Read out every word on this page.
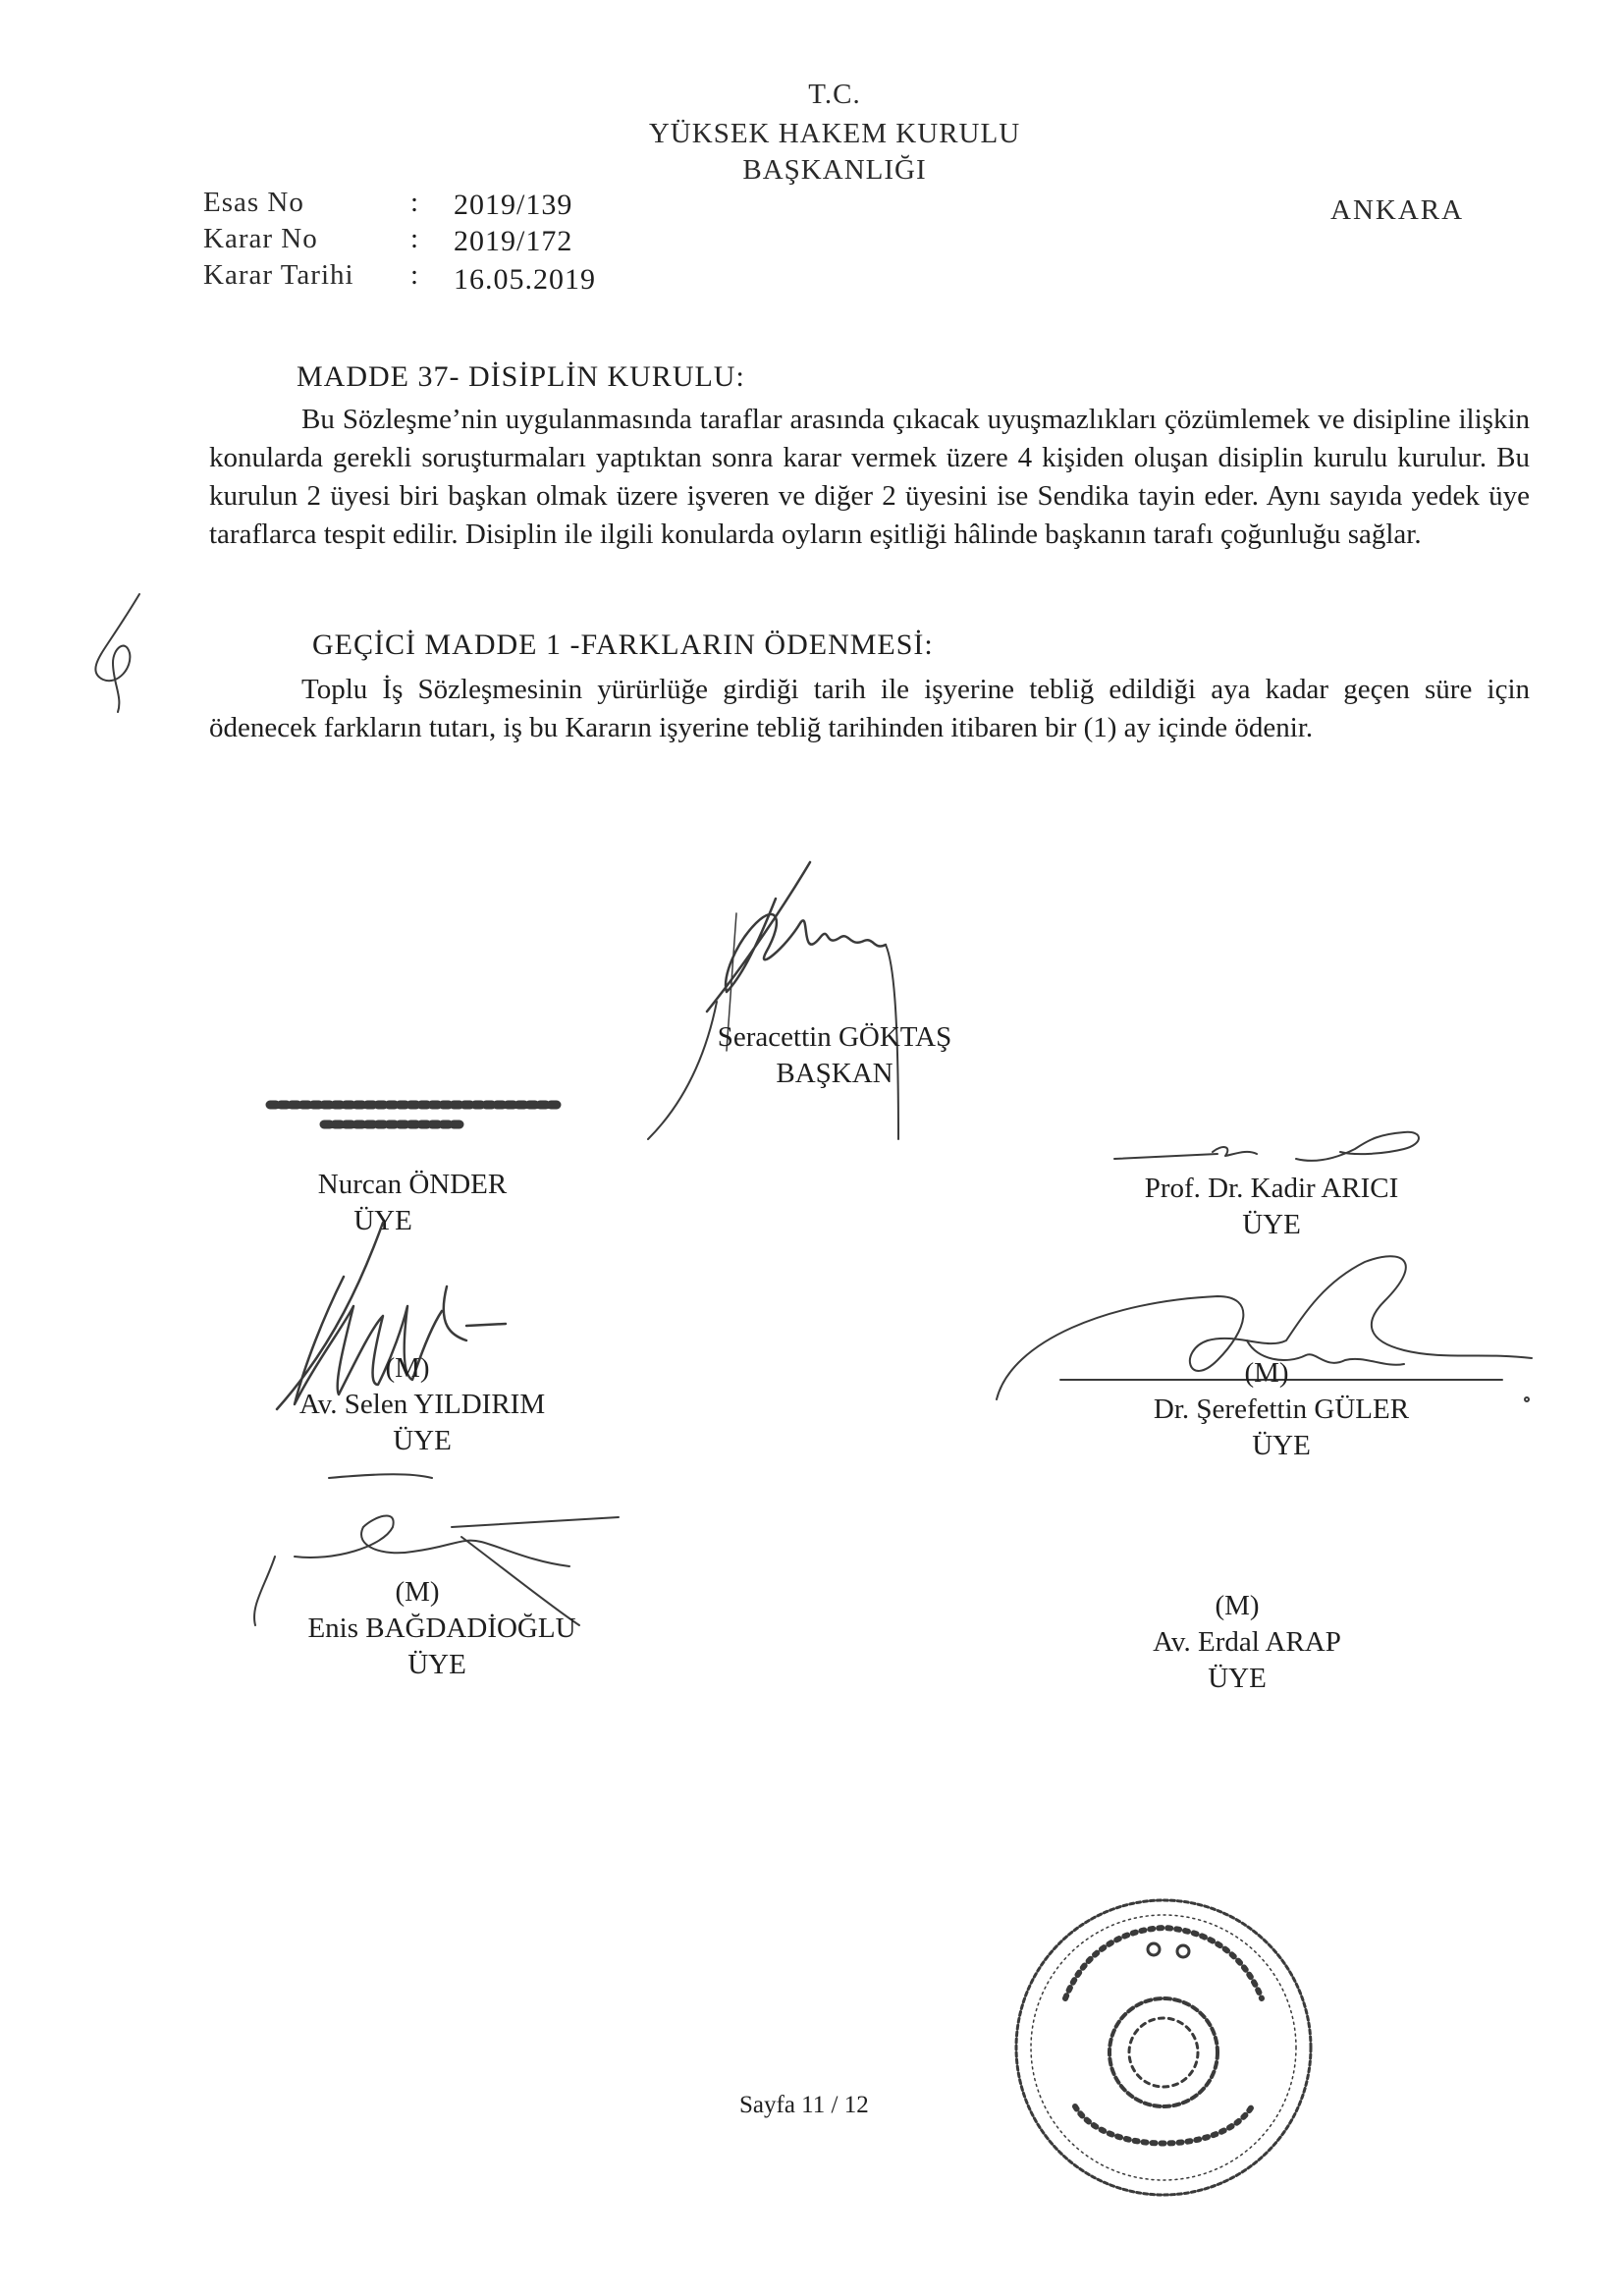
T.C.
YÜKSEK HAKEM KURULU
BAŞKANLIĞI
Esas No	: 2019/139
Karar No	: 2019/172
Karar Tarihi : 16.05.2019
ANKARA
MADDE 37- DİSİPLİN KURULU:
Bu Sözleşme’nin uygulanmasında taraflar arasında çıkacak uyuşmazlıkları çözümlemek ve disipline ilişkin konularda gerekli soruşturmaları yaptıktan sonra karar vermek üzere 4 kişiden oluşan disiplin kurulu kurulur. Bu kurulun 2 üyesi biri başkan olmak üzere işveren ve diğer 2 üyesini ise Sendika tayin eder. Aynı sayıda yedek üye taraflarca tespit edilir. Disiplin ile ilgili konularda oyların eşitliği hâlinde başkanın tarafı çoğunluğu sağlar.
GEÇİCİ MADDE 1 -FARKLARIN ÖDENMESİ:
Toplu İş Sözleşmesinin yürürlüğe girdiği tarih ile işyerine tebliğ edildiği aya kadar geçen süre için ödenecek farkların tutarı, iş bu Kararın işyerine tebliğ tarihinden itibaren bir (1) ay içinde ödenir.
Seracettin GÖKTAŞ
BAŞKAN
Nurcan ÖNDER
ÜYE
Prof. Dr. Kadir ARICI
ÜYE
(M)
Av. Selen YILDIRIM
ÜYE
(M)
Dr. Şerefettin GÜLER
ÜYE
(M)
Enis BAĞDADİOĞLU
ÜYE
(M)
Av. Erdal ARAP
ÜYE
Sayfa 11 / 12
